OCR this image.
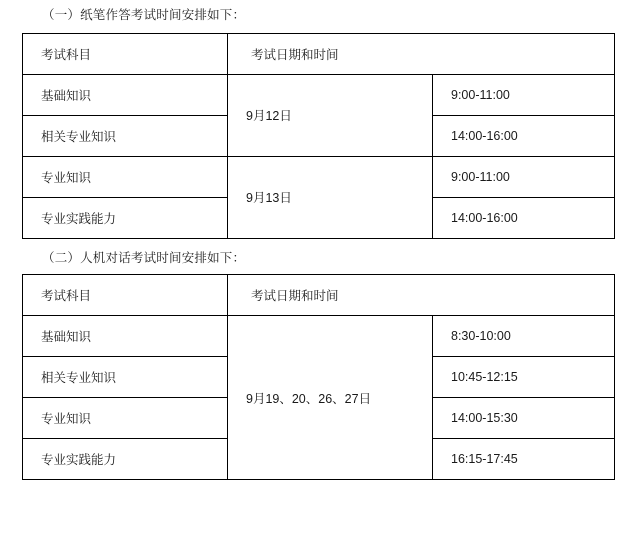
（一）纸笔作答考试时间安排如下：
考试科目	考试日期和时间	
基础知识	9月12日	9:00-11:00
相关专业知识		14:00-16:00
专业知识	9月13日	9:00-11:00
专业实践能力		14:00-16:00
（二）人机对话考试时间安排如下：
考试科目	考试日期和时间	
基础知识	9月19、20、26、27日	8:30-10:00
相关专业知识		10:45-12:15
专业知识		14:00-15:30
专业实践能力		16:15-17:45
